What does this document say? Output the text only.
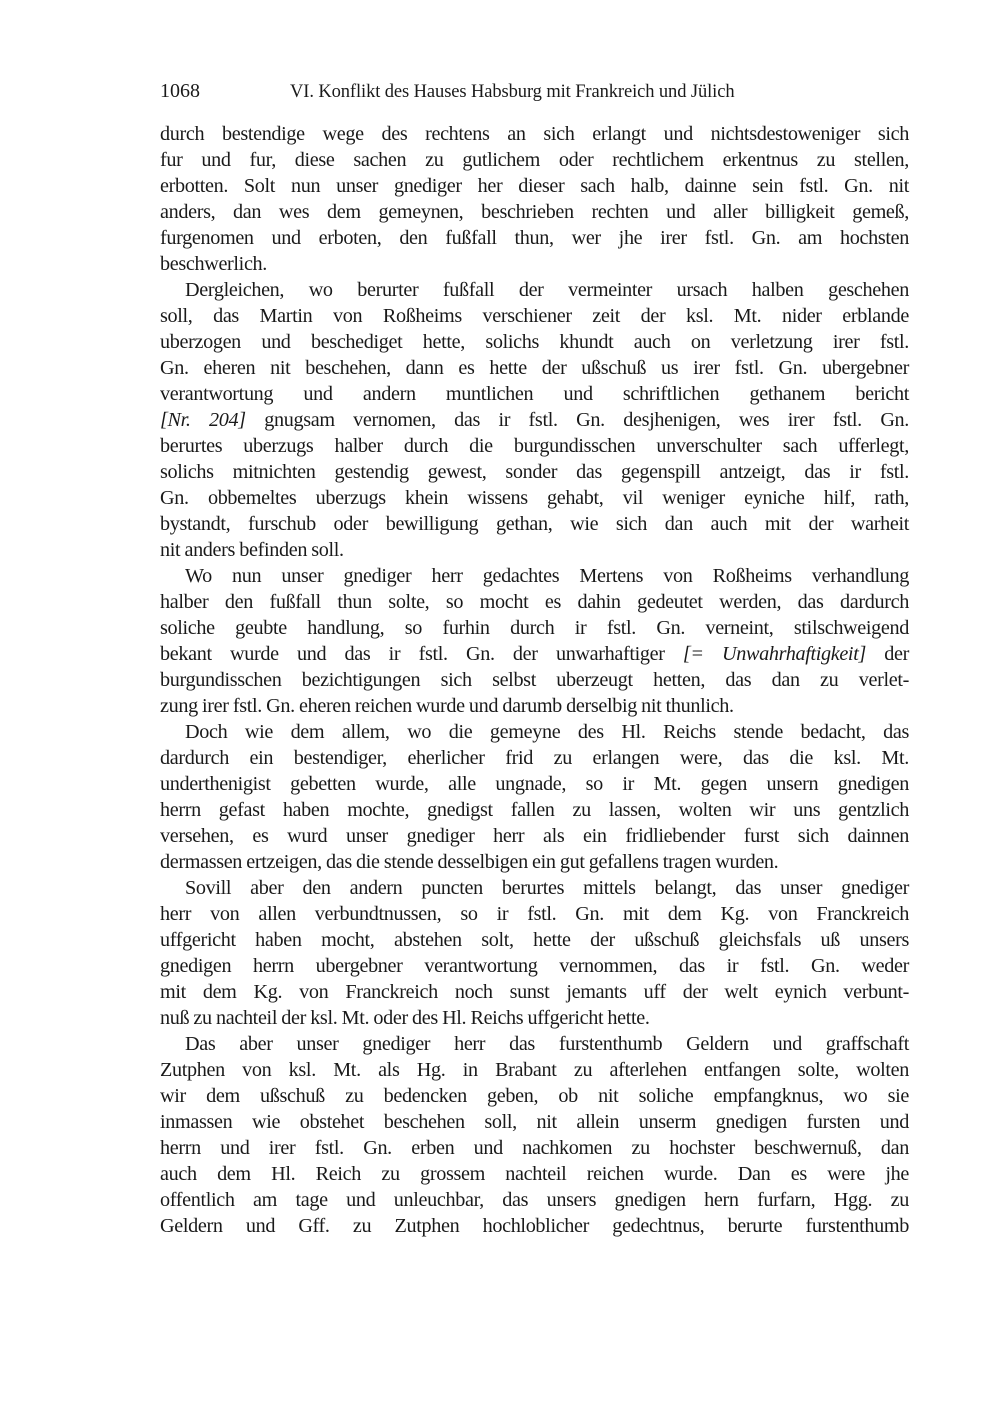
1068	VI. Konflikt des Hauses Habsburg mit Frankreich und Jülich
durch bestendige wege des rechtens an sich erlangt und nichtsdestoweniger sich
fur und fur, diese sachen zu gutlichem oder rechtlichem erkentnus zu stellen,
erbotten. Solt nun unser gnediger her dieser sach halb, dainne sein fstl. Gn. nit
anders, dan wes dem gemeynen, beschrieben rechten und aller billigkeit gemeß,
furgenomen und erboten, den fußfall thun, wer jhe irer fstl. Gn. am hochsten
beschwerlich.
Dergleichen, wo berurter fußfall der vermeinter ursach halben geschehen
soll, das Martin von Roßheims verschiener zeit der ksl. Mt. nider erblande
uberzogen und beschediget hette, solichs khundt auch on verletzung irer fstl.
Gn. eheren nit beschehen, dann es hette der ußschuß us irer fstl. Gn. ubergebner
verantwortung und andern muntlichen und schriftlichen gethanem bericht
[Nr. 204] gnugsam vernomen, das ir fstl. Gn. desjhenigen, wes irer fstl. Gn.
berurtes uberzugs halber durch die burgundisschen unverschulter sach ufferlegt,
solichs mitnichten gestendig gewest, sonder das gegenspill antzeigt, das ir fstl.
Gn. obbemeltes uberzugs khein wissens gehabt, vil weniger eyniche hilf, rath,
bystandt, furschub oder bewilligung gethan, wie sich dan auch mit der warheit
nit anders befinden soll.
Wo nun unser gnediger herr gedachtes Mertens von Roßheims verhandlung
halber den fußfall thun solte, so mocht es dahin gedeutet werden, das dardurch
soliche geubte handlung, so furhin durch ir fstl. Gn. verneint, stilschweigend
bekant wurde und das ir fstl. Gn. der unwarhaftiger [= Unwahrhaftigkeit] der
burgundisschen bezichtigungen sich selbst uberzeugt hetten, das dan zu verlet-
zung irer fstl. Gn. eheren reichen wurde und darumb derselbig nit thunlich.
Doch wie dem allem, wo die gemeyne des Hl. Reichs stende bedacht, das
dardurch ein bestendiger, eherlicher frid zu erlangen were, das die ksl. Mt.
underthenigist gebetten wurde, alle ungnade, so ir Mt. gegen unsern gnedigen
herrn gefast haben mochte, gnedigst fallen zu lassen, wolten wir uns gentzlich
versehen, es wurd unser gnediger herr als ein fridliebender furst sich dainnen
dermassen ertzeigen, das die stende desselbigen ein gut gefallens tragen wurden.
Sovill aber den andern puncten berurtes mittels belangt, das unser gnediger
herr von allen verbundtnussen, so ir fstl. Gn. mit dem Kg. von Franckreich
uffgericht haben mocht, abstehen solt, hette der ußschuß gleichsfals uß unsers
gnedigen herrn ubergebner verantwortung vernommen, das ir fstl. Gn. weder
mit dem Kg. von Franckreich noch sunst jemants uff der welt eynich verbunt-
nuß zu nachteil der ksl. Mt. oder des Hl. Reichs uffgericht hette.
Das aber unser gnediger herr das furstenthumb Geldern und graffschaft
Zutphen von ksl. Mt. als Hg. in Brabant zu afterlehen entfangen solte, wolten
wir dem ußschuß zu bedencken geben, ob nit soliche empfangknus, wo sie
inmassen wie obstehet beschehen soll, nit allein unserm gnedigen fursten und
herrn und irer fstl. Gn. erben und nachkomen zu hochster beschwernuß, dan
auch dem Hl. Reich zu grossem nachteil reichen wurde. Dan es were jhe
offentlich am tage und unleuchbar, das unsers gnedigen hern furfarn, Hgg. zu
Geldern und Gff. zu Zutphen hochloblicher gedechtnus, berurte furstenthumb
